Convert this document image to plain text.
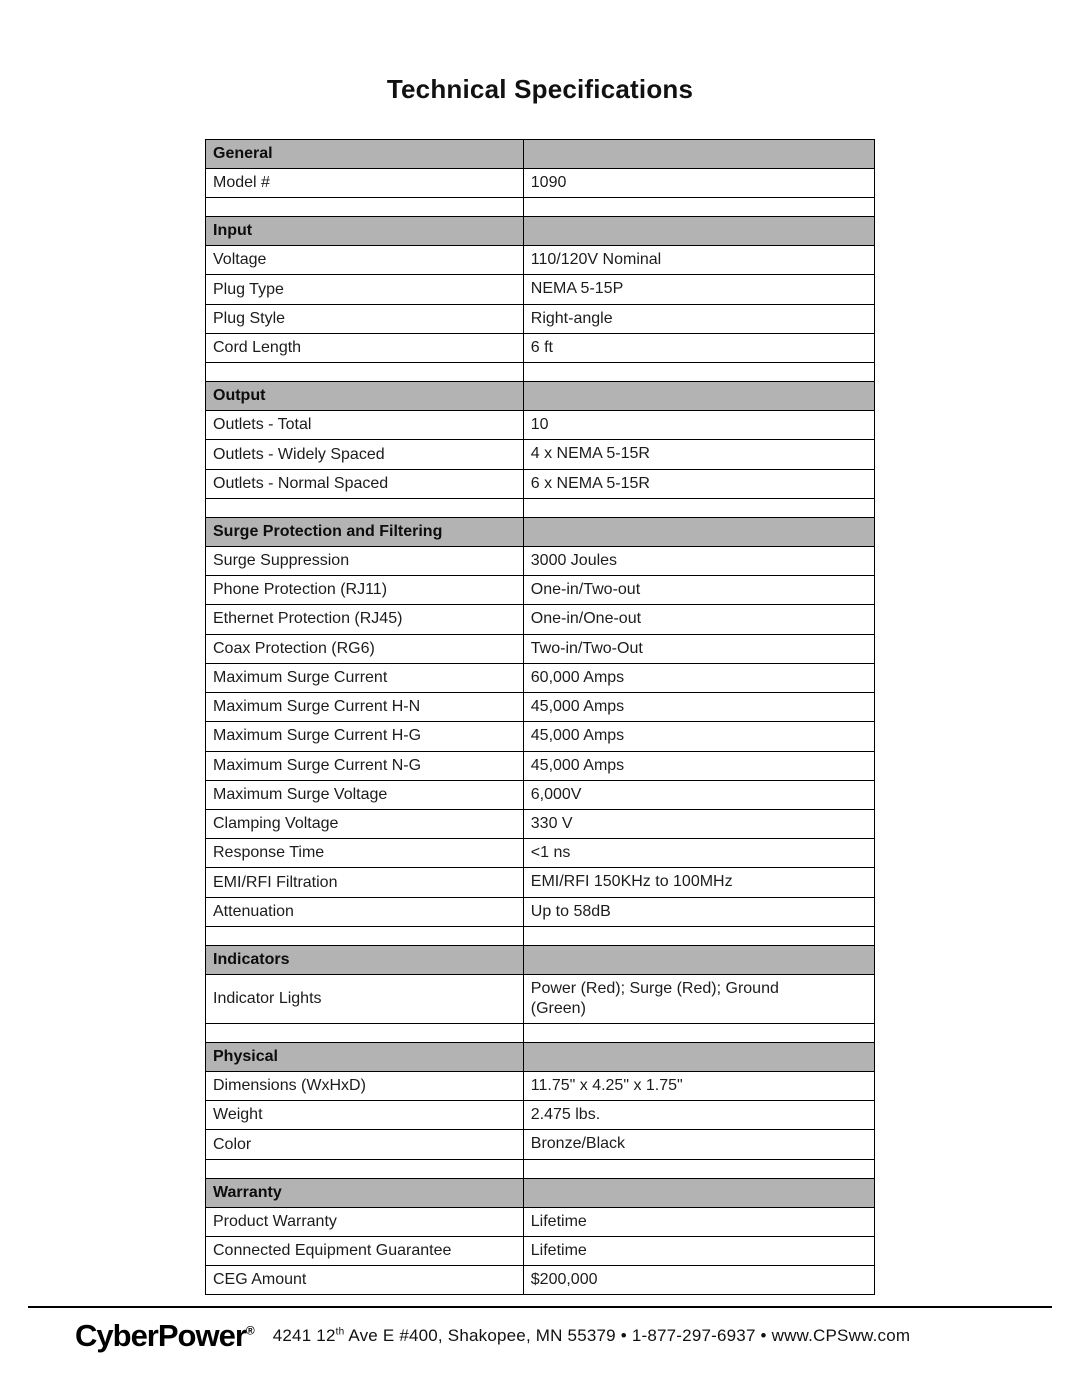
Technical Specifications
General	
Model #	1090

Input	
Voltage	110/120V Nominal
Plug Type	NEMA 5-15P
Plug Style	Right-angle
Cord Length	6 ft

Output	
Outlets - Total	10
Outlets - Widely Spaced	4 x NEMA 5-15R
Outlets - Normal Spaced	6 x NEMA 5-15R

Surge Protection and Filtering	
Surge Suppression	3000 Joules
Phone Protection (RJ11)	One-in/Two-out
Ethernet Protection (RJ45)	One-in/One-out
Coax Protection (RG6)	Two-in/Two-Out
Maximum Surge Current	60,000 Amps
Maximum Surge Current H-N	45,000 Amps
Maximum Surge Current H-G	45,000 Amps
Maximum Surge Current N-G	45,000 Amps
Maximum Surge Voltage	6,000V
Clamping Voltage	330 V
Response Time	<1 ns
EMI/RFI Filtration	EMI/RFI 150KHz to 100MHz
Attenuation	Up to 58dB

Indicators	
Indicator Lights	Power (Red); Surge (Red); Ground (Green)

Physical	
Dimensions (WxHxD)	11.75" x 4.25" x 1.75"
Weight	2.475 lbs.
Color	Bronze/Black

Warranty	
Product Warranty	Lifetime
Connected Equipment Guarantee	Lifetime
CEG Amount	$200,000
CyberPower® 4241 12th Ave E #400, Shakopee, MN 55379 • 1-877-297-6937 • www.CPSww.com
